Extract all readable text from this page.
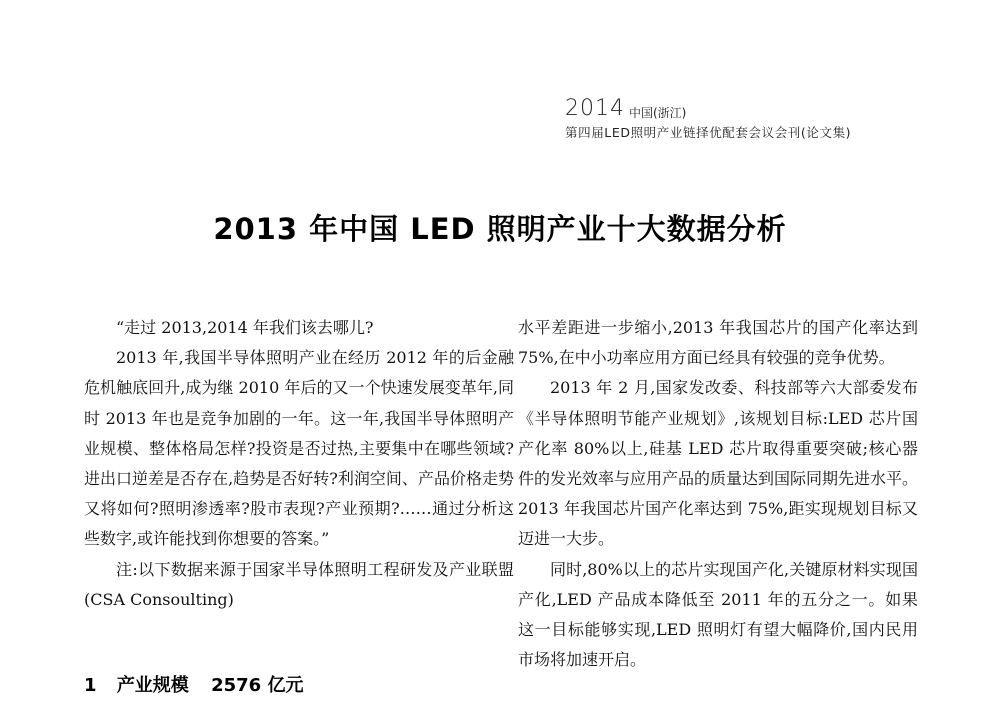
2014 中国(浙江)
第四届LED照明产业链择优配套会议会刊(论文集)
2013 年中国 LED 照明产业十大数据分析

“走过 2013,2014 年我们该去哪儿?

2013 年,我国半导体照明产业在经历 2012 年的后金融危机触底回升,成为继 2010 年后的又一个快速发展变革年,同时 2013 年也是竞争加剧的一年。这一年,我国半导体照明产业规模、整体格局怎样?投资是否过热,主要集中在哪些领域?进出口逆差是否存在,趋势是否好转?利润空间、产品价格走势又将如何?照明渗透率?股市表现?产业预期?……通过分析这些数字,或许能找到你想要的答案。”

注:以下数据来源于国家半导体照明工程研发及产业联盟(CSA Consoulting)

水平差距进一步缩小,2013 年我国芯片的国产化率达到 75%,在中小功率应用方面已经具有较强的竞争优势。

2013 年 2 月,国家发改委、科技部等六大部委发布《半导体照明节能产业规划》,该规划目标:LED 芯片国产化率 80%以上,硅基 LED 芯片取得重要突破;核心器件的发光效率与应用产品的质量达到国际同期先进水平。2013 年我国芯片国产化率达到 75%,距实现规划目标又迈进一大步。

同时,80%以上的芯片实现国产化,关键原材料实现国产化,LED 产品成本降低至 2011 年的五分之一。如果这一目标能够实现,LED 照明灯有望大幅降价,国内民用市场将加速开启。

1 产业规模 2576 亿元
